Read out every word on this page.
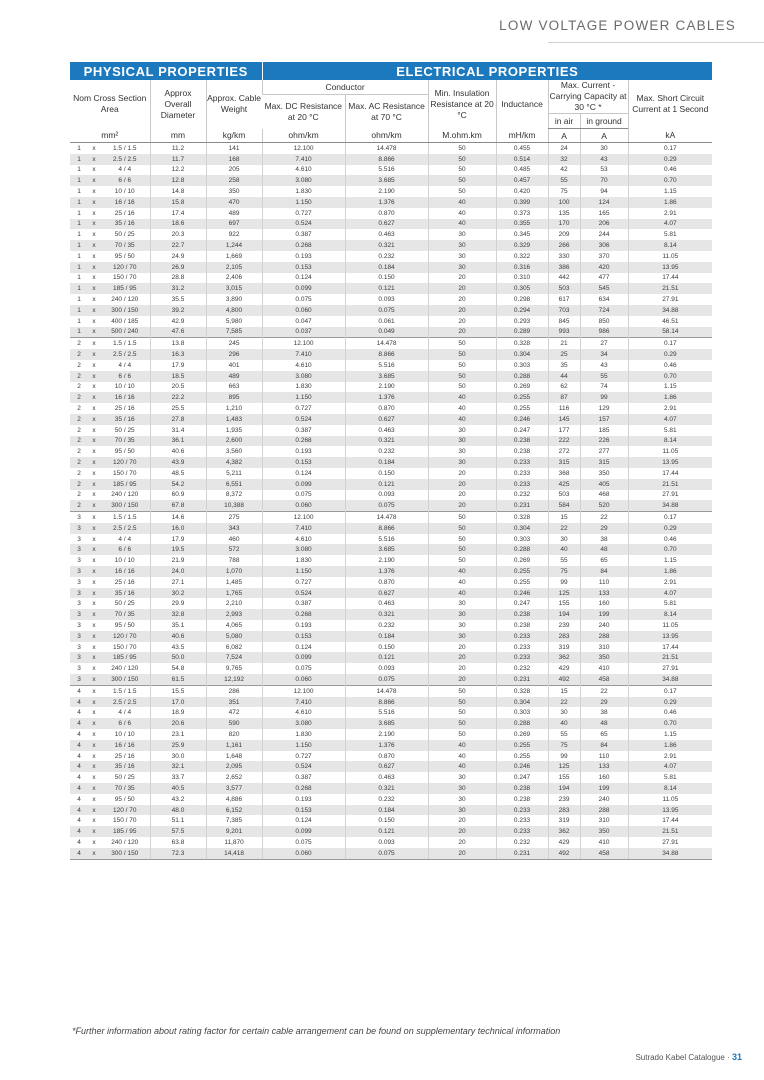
LOW VOLTAGE POWER CABLES
PHYSICAL PROPERTIES					ELECTRICAL PROPERTIES						
Nom Cross Section Area			Approx Overall Diameter	Approx. Cable Weight	Conductor		Min. Insulation Resistance at 20 °C	Inductance	Max. Current - Carrying Capacity at 30 °C *		Max. Short Circuit Current at 1 Second
					Max. DC Resistance at 20 °C	Max. AC Resistance at 70 °C					
									in air	in ground	
mm²			mm	kg/km	ohm/km	ohm/km	M.ohm.km	mH/km	A	A	kA
1	x	1.5 / 1.5	11.2	141	12.100	14.478	50	0.455	24	30	0.17
1	x	2.5 / 2.5	11.7	168	7.410	8.866	50	0.514	32	43	0.29
1	x	4 / 4	12.2	205	4.610	5.516	50	0.485	42	53	0.46
1	x	6 / 6	12.8	258	3.080	3.685	50	0.457	55	70	0.70
1	x	10 / 10	14.8	350	1.830	2.190	50	0.420	75	94	1.15
1	x	16 / 16	15.8	470	1.150	1.376	40	0.399	100	124	1.86
1	x	25 / 16	17.4	489	0.727	0.870	40	0.373	135	165	2.91
1	x	35 / 16	18.6	697	0.524	0.627	40	0.355	170	206	4.07
1	x	50 / 25	20.3	922	0.387	0.463	30	0.345	209	244	5.81
1	x	70 / 35	22.7	1,244	0.268	0.321	30	0.329	266	306	8.14
1	x	95 / 50	24.9	1,669	0.193	0.232	30	0.322	330	370	11.05
1	x	120 / 70	26.9	2,105	0.153	0.184	30	0.316	386	420	13.95
1	x	150 / 70	28.8	2,406	0.124	0.150	20	0.310	442	477	17.44
1	x	185 / 95	31.2	3,015	0.099	0.121	20	0.305	503	545	21.51
1	x	240 / 120	35.5	3,890	0.075	0.093	20	0.298	617	634	27.91
1	x	300 / 150	39.2	4,800	0.060	0.075	20	0.294	703	724	34.88
1	x	400 / 185	42.9	5,980	0.047	0.061	20	0.293	845	850	46.51
1	x	500 / 240	47.6	7,585	0.037	0.049	20	0.289	993	986	58.14
2	x	1.5 / 1.5	13.8	245	12.100	14.478	50	0.328	21	27	0.17
2	x	2.5 / 2.5	16.3	296	7.410	8.866	50	0.304	25	34	0.29
2	x	4 / 4	17.9	401	4.610	5.516	50	0.303	35	43	0.46
2	x	6 / 6	18.5	489	3.080	3.685	50	0.288	44	55	0.70
2	x	10 / 10	20.5	663	1.830	2.190	50	0.269	62	74	1.15
2	x	16 / 16	22.2	895	1.150	1.376	40	0.255	87	99	1.86
2	x	25 / 16	25.5	1,210	0.727	0.870	40	0.255	116	129	2.91
2	x	35 / 16	27.8	1,483	0.524	0.627	40	0.246	145	157	4.07
2	x	50 / 25	31.4	1,935	0.387	0.463	30	0.247	177	185	5.81
2	x	70 / 35	36.1	2,600	0.268	0.321	30	0.238	222	226	8.14
2	x	95 / 50	40.6	3,560	0.193	0.232	30	0.238	272	277	11.05
2	x	120 / 70	43.9	4,382	0.153	0.184	30	0.233	315	315	13.95
2	x	150 / 70	48.5	5,211	0.124	0.150	20	0.233	368	350	17.44
2	x	185 / 95	54.2	6,551	0.099	0.121	20	0.233	425	405	21.51
2	x	240 / 120	60.9	8,372	0.075	0.093	20	0.232	503	468	27.91
2	x	300 / 150	67.8	10,388	0.060	0.075	20	0.231	584	520	34.88
3	x	1.5 / 1.5	14.6	275	12.100	14.478	50	0.328	15	22	0.17
3	x	2.5 / 2.5	16.0	343	7.410	8.866	50	0.304	22	29	0.29
3	x	4 / 4	17.9	460	4.610	5.516	50	0.303	30	38	0.46
3	x	6 / 6	19.5	572	3.080	3.685	50	0.288	40	48	0.70
3	x	10 / 10	21.9	788	1.830	2.190	50	0.269	55	65	1.15
3	x	16 / 16	24.0	1,070	1.150	1.376	40	0.255	75	84	1.86
3	x	25 / 16	27.1	1,485	0.727	0.870	40	0.255	99	110	2.91
3	x	35 / 16	30.2	1,765	0.524	0.627	40	0.246	125	133	4.07
3	x	50 / 25	29.9	2,210	0.387	0.463	30	0.247	155	160	5.81
3	x	70 / 35	32.8	2,993	0.268	0.321	30	0.238	194	199	8.14
3	x	95 / 50	35.1	4,065	0.193	0.232	30	0.238	239	240	11.05
3	x	120 / 70	40.6	5,080	0.153	0.184	30	0.233	283	288	13.95
3	x	150 / 70	43.5	6,082	0.124	0.150	20	0.233	319	310	17.44
3	x	185 / 95	50.0	7,524	0.099	0.121	20	0.233	362	350	21.51
3	x	240 / 120	54.8	9,765	0.075	0.093	20	0.232	429	410	27.91
3	x	300 / 150	61.5	12,192	0.060	0.075	20	0.231	492	458	34.88
4	x	1.5 / 1.5	15.5	286	12.100	14.478	50	0.328	15	22	0.17
4	x	2.5 / 2.5	17.0	351	7.410	8.866	50	0.304	22	29	0.29
4	x	4 / 4	18.9	472	4.610	5.516	50	0.303	30	38	0.46
4	x	6 / 6	20.6	590	3.080	3.685	50	0.288	40	48	0.70
4	x	10 / 10	23.1	820	1.830	2.190	50	0.269	55	65	1.15
4	x	16 / 16	25.9	1,161	1.150	1.376	40	0.255	75	84	1.86
4	x	25 / 16	30.0	1,648	0.727	0.870	40	0.255	99	110	2.91
4	x	35 / 16	32.1	2,095	0.524	0.627	40	0.246	125	133	4.07
4	x	50 / 25	33.7	2,652	0.387	0.463	30	0.247	155	160	5.81
4	x	70 / 35	40.5	3,577	0.268	0.321	30	0.238	194	199	8.14
4	x	95 / 50	43.2	4,886	0.193	0.232	30	0.238	239	240	11.05
4	x	120 / 70	48.0	6,152	0.153	0.184	30	0.233	283	288	13.95
4	x	150 / 70	51.1	7,385	0.124	0.150	20	0.233	319	310	17.44
4	x	185 / 95	57.5	9,201	0.099	0.121	20	0.233	362	350	21.51
4	x	240 / 120	63.8	11,870	0.075	0.093	20	0.232	429	410	27.91
4	x	300 / 150	72.3	14,418	0.060	0.075	20	0.231	492	458	34.88
*Further information about rating factor for certain cable arrangement can be found on supplementary technical information
Sutrado Kabel Catalogue · 31
